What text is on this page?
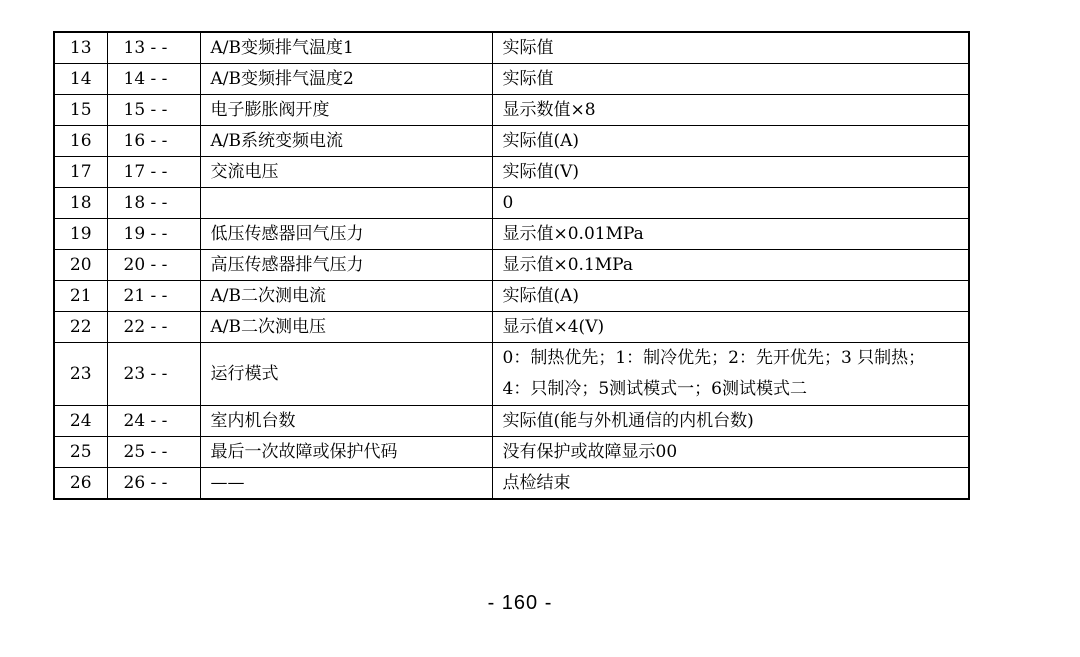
13	13 - -	A/B变频排气温度1	实际值
14	14 - -	A/B变频排气温度2	实际值
15	15 - -	电子膨胀阀开度	显示数值×8
16	16 - -	A/B系统变频电流	实际值(A)
17	17 - -	交流电压	实际值(V)
18	18 - -		0
19	19 - -	低压传感器回气压力	显示值×0.01MPa
20	20 - -	高压传感器排气压力	显示值×0.1MPa
21	21 - -	A/B二次测电流	实际值(A)
22	22 - -	A/B二次测电压	显示值×4(V)
23	23 - -	运行模式	0：制热优先；1：制冷优先；2：先开优先；3 只制热； 4：只制冷；5测试模式一；6测试模式二
24	24 - -	室内机台数	实际值(能与外机通信的内机台数)
25	25 - -	最后一次故障或保护代码	没有保护或故障显示00
26	26 - -	——	点检结束
- 160 -
